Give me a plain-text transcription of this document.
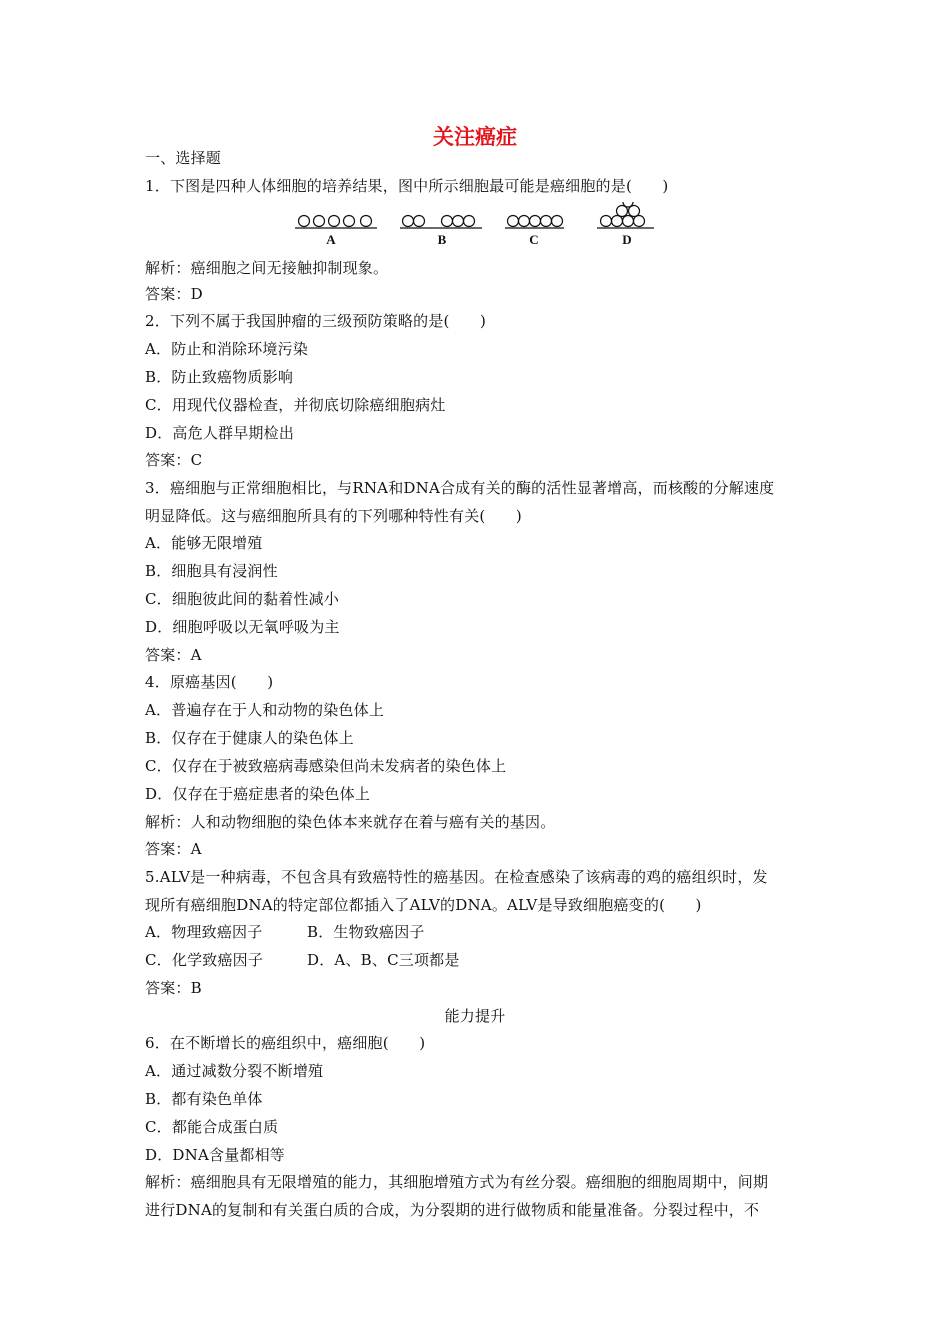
关注癌症
一、选择题
1．下图是四种人体细胞的培养结果，图中所示细胞最可能是癌细胞的是(　　)
A	B	C	D
解析：癌细胞之间无接触抑制现象。
答案：D
2．下列不属于我国肿瘤的三级预防策略的是(　　)
A．防止和消除环境污染
B．防止致癌物质影响
C．用现代仪器检查，并彻底切除癌细胞病灶
D．高危人群早期检出
答案：C
3．癌细胞与正常细胞相比，与RNA和DNA合成有关的酶的活性显著增高，而核酸的分解速度
明显降低。这与癌细胞所具有的下列哪种特性有关(　　)
A．能够无限增殖
B．细胞具有浸润性
C．细胞彼此间的黏着性减小
D．细胞呼吸以无氧呼吸为主
答案：A
4．原癌基因(　　)
A．普遍存在于人和动物的染色体上
B．仅存在于健康人的染色体上
C．仅存在于被致癌病毒感染但尚未发病者的染色体上
D．仅存在于癌症患者的染色体上
解析：人和动物细胞的染色体本来就存在着与癌有关的基因。
答案：A
5.ALV是一种病毒，不包含具有致癌特性的癌基因。在检查感染了该病毒的鸡的癌组织时，发
现所有癌细胞DNA的特定部位都插入了ALV的DNA。ALV是导致细胞癌变的(　　)
A．物理致癌因子	B．生物致癌因子
C．化学致癌因子	D．A、B、C三项都是
答案：B
能力提升
6．在不断增长的癌组织中，癌细胞(　　)
A．通过减数分裂不断增殖
B．都有染色单体
C．都能合成蛋白质
D．DNA含量都相等
解析：癌细胞具有无限增殖的能力，其细胞增殖方式为有丝分裂。癌细胞的细胞周期中，间期
进行DNA的复制和有关蛋白质的合成，为分裂期的进行做物质和能量准备。分裂过程中，不
